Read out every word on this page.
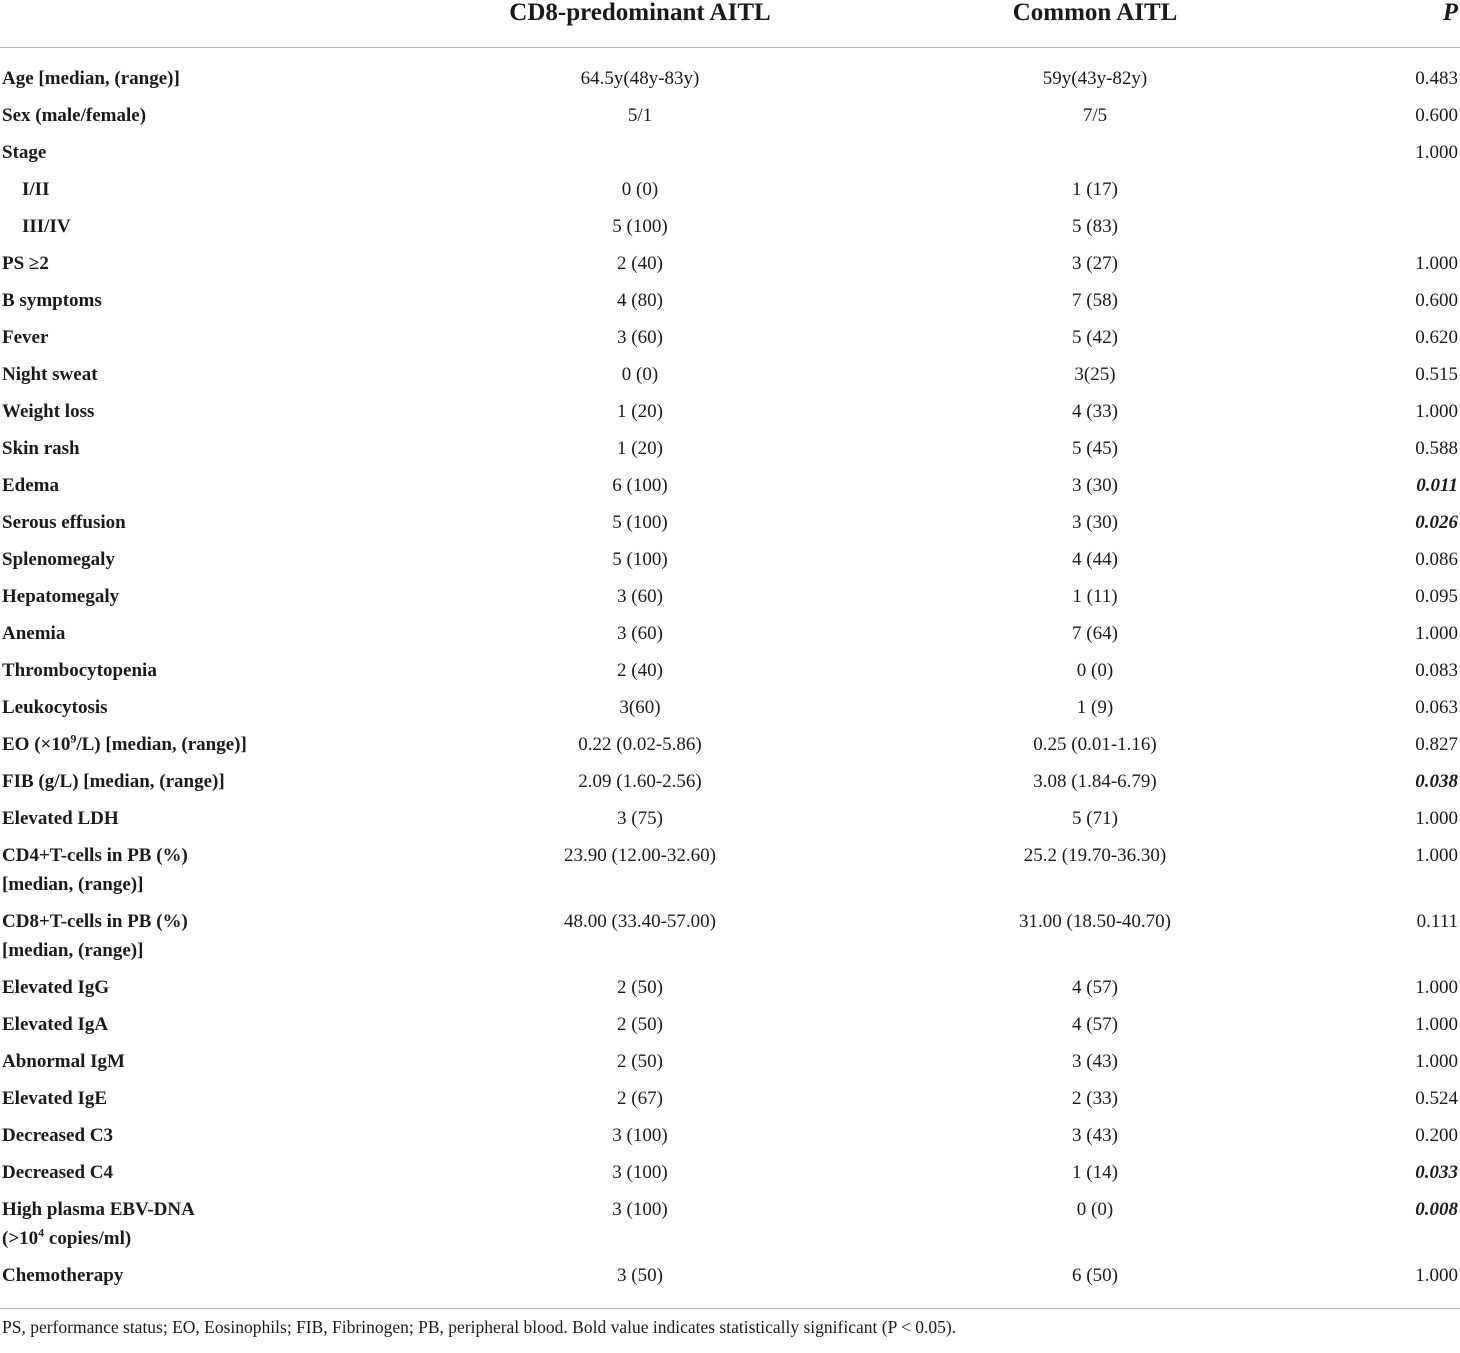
	CD8-predominant AITL	Common AITL	P
Age [median, (range)]	64.5y(48y-83y)	59y(43y-82y)	0.483
Sex (male/female)	5/1	7/5	0.600
Stage			1.000
I/II	0 (0)	1 (17)	
III/IV	5 (100)	5 (83)	
PS ≥2	2 (40)	3 (27)	1.000
B symptoms	4 (80)	7 (58)	0.600
Fever	3 (60)	5 (42)	0.620
Night sweat	0 (0)	3(25)	0.515
Weight loss	1 (20)	4 (33)	1.000
Skin rash	1 (20)	5 (45)	0.588
Edema	6 (100)	3 (30)	0.011
Serous effusion	5 (100)	3 (30)	0.026
Splenomegaly	5 (100)	4 (44)	0.086
Hepatomegaly	3 (60)	1 (11)	0.095
Anemia	3 (60)	7 (64)	1.000
Thrombocytopenia	2 (40)	0 (0)	0.083
Leukocytosis	3(60)	1 (9)	0.063
EO $(\times 10^9/L)$ [median, (range)]	0.22 (0.02-5.86)	0.25 (0.01-1.16)	0.827
FIB (g/L) [median, (range)]	2.09 (1.60-2.56)	3.08 (1.84-6.79)	0.038
Elevated LDH	3 (75)	5 (71)	1.000
CD4+T-cells in PB (%)
[median, (range)]	23.90 (12.00-32.60)	25.2 (19.70-36.30)	1.000
CD8+T-cells in PB (%)
[median, (range)]	48.00 (33.40-57.00)	31.00 (18.50-40.70)	0.111
Elevated IgG	2 (50)	4 (57)	1.000
Elevated IgA	2 (50)	4 (57)	1.000
Abnormal IgM	2 (50)	3 (43)	1.000
Elevated IgE	2 (67)	2 (33)	0.524
Decreased C3	3 (100)	3 (43)	0.200
Decreased C4	3 (100)	1 (14)	0.033
High plasma EBV-DNA
($>10^4$ copies/ml)	3 (100)	0 (0)	0.008
Chemotherapy	3 (50)	6 (50)	1.000
PS, performance status; EO, Eosinophils; FIB, Fibrinogen; PB, peripheral blood. Bold value indicates statistically significant (P < 0.05).			
